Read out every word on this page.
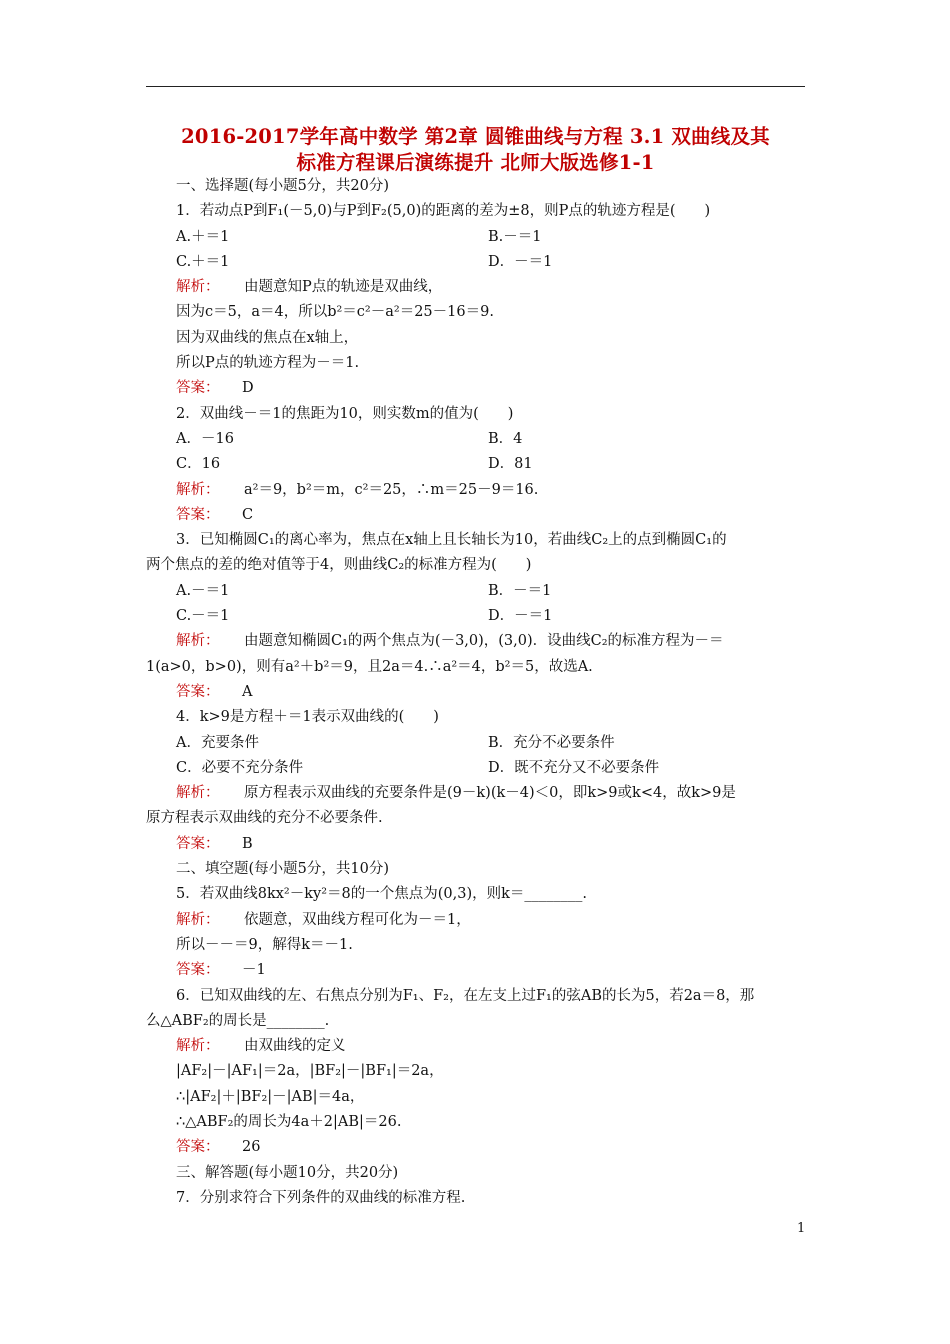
2016-2017学年高中数学 第2章 圆锥曲线与方程 3.1 双曲线及其
标准方程课后演练提升 北师大版选修1-1
一、选择题(每小题5分，共20分)
1．若动点P到F₁(－5,0)与P到F₂(5,0)的距离的差为±8，则P点的轨迹方程是(　　)
A.＋＝1	B.－＝1
C.＋＝1	D．－＝1
解析： 由题意知P点的轨迹是双曲线，
因为c＝5，a＝4，所以b²＝c²－a²＝25－16＝9.
因为双曲线的焦点在x轴上，
所以P点的轨迹方程为－＝1.
答案： D
2．双曲线－＝1的焦距为10，则实数m的值为(　　)
A．－16	B．4
C．16	D．81
解析： a²＝9，b²＝m，c²＝25，∴m＝25－9＝16.
答案： C
3．已知椭圆C₁的离心率为，焦点在x轴上且长轴长为10，若曲线C₂上的点到椭圆C₁的
两个焦点的差的绝对值等于4，则曲线C₂的标准方程为(　　)
A.－＝1	B．－＝1
C.－＝1	D．－＝1
解析： 由题意知椭圆C₁的两个焦点为(－3,0)，(3,0)．设曲线C₂的标准方程为－＝
1(a>0，b>0)，则有a²＋b²＝9，且2a＝4.∴a²＝4，b²＝5，故选A.
答案： A
4．k>9是方程＋＝1表示双曲线的(　　)
A．充要条件	B．充分不必要条件
C．必要不充分条件	D．既不充分又不必要条件
解析： 原方程表示双曲线的充要条件是(9－k)(k－4)＜0，即k>9或k<4，故k>9是
原方程表示双曲线的充分不必要条件.
答案： B
二、填空题(每小题5分，共10分)
5．若双曲线8kx²－ky²＝8的一个焦点为(0,3)，则k＝________.
解析： 依题意，双曲线方程可化为－＝1，
所以－－＝9，解得k＝－1.
答案： －1
6．已知双曲线的左、右焦点分别为F₁、F₂，在左支上过F₁的弦AB的长为5，若2a＝8，那
么△ABF₂的周长是________.
解析： 由双曲线的定义
|AF₂|－|AF₁|＝2a，|BF₂|－|BF₁|＝2a，
∴|AF₂|＋|BF₂|－|AB|＝4a，
∴△ABF₂的周长为4a＋2|AB|＝26.
答案： 26
三、解答题(每小题10分，共20分)
7．分别求符合下列条件的双曲线的标准方程.
1
